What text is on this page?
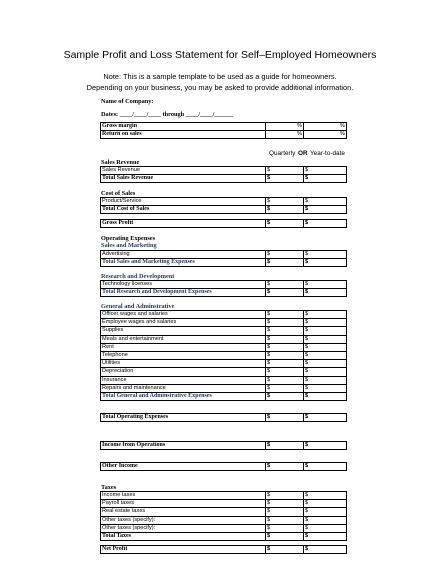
Sample Profit and Loss Statement for Self–Employed Homeowners
Note: This is a sample template to be used as a guide for homeowners.
Depending on your business, you may be asked to provide additional information.
Name of Company:
Dates: ____/____/____ through ____/____/______
Gross margin	%	%
Return on sales	%	%
Quarterly OR Year-to-date
Sales Revenue
Sales Revenue	$	$
Total Sales Revenue	$	$
Cost of Sales
Product/Service	$	$
Total Cost of Sales	$	$
Gross Profit	$	$
Operating Expenses
Sales and Marketing
Advertising	$	$
Total Sales and Marketing Expenses	$	$
Research and Development
Technology licenses	$	$
Total Research and Development Expenses	$	$
General and Adminstrative
Officer wages and salaries	$	$
Employee wages and salaries	$	$
Supplies	$	$
Meals and entertainment	$	$
Rent	$	$
Telephone	$	$
Utilities	$	$
Depreciation	$	$
Insurance	$	$
Repairs and maintenance	$	$
Total General and Adminstrative Expenses	$	$
Total Operating Expenses	$	$
Income from Operations	$	$
Other Income	$	$
Taxes
Income taxes	$	$
Payroll taxes	$	$
Real estate taxes	$	$
Other taxes (specify):	$	$
Other taxes (specify):	$	$
Total Taxes	$	$
Net Profit	$	$
